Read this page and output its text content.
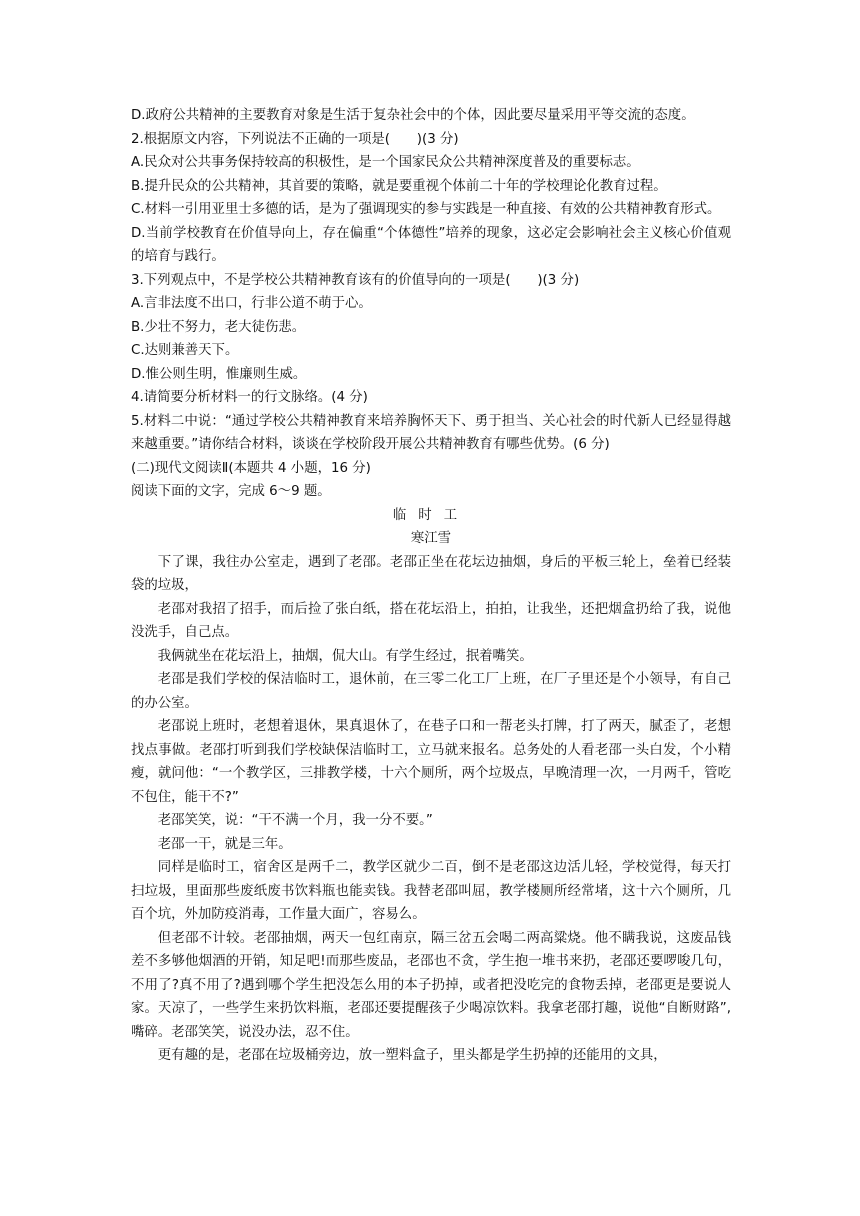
D.政府公共精神的主要教育对象是生活于复杂社会中的个体，因此要尽量采用平等交流的态度。

2.根据原文内容，下列说法不正确的一项是(　　)(3 分)

A.民众对公共事务保持较高的积极性，是一个国家民众公共精神深度普及的重要标志。

B.提升民众的公共精神，其首要的策略，就是要重视个体前二十年的学校理论化教育过程。

C.材料一引用亚里士多德的话，是为了强调现实的参与实践是一种直接、有效的公共精神教育形式。

D.当前学校教育在价值导向上，存在偏重“个体德性”培养的现象，这必定会影响社会主义核心价值观的培育与践行。

3.下列观点中，不是学校公共精神教育该有的价值导向的一项是(　　)(3 分)

A.言非法度不出口，行非公道不萌于心。

B.少壮不努力，老大徒伤悲。

C.达则兼善天下。

D.惟公则生明，惟廉则生威。

4.请简要分析材料一的行文脉络。(4 分)

5.材料二中说：“通过学校公共精神教育来培养胸怀天下、勇于担当、关心社会的时代新人已经显得越来越重要。”请你结合材料，谈谈在学校阶段开展公共精神教育有哪些优势。(6 分)

(二)现代文阅读Ⅱ(本题共 4 小题，16 分)

阅读下面的文字，完成 6～9 题。

临时工

寒江雪

下了课，我往办公室走，遇到了老邵。老邵正坐在花坛边抽烟，身后的平板三轮上，垒着已经装袋的垃圾，

老邵对我招了招手，而后捡了张白纸，搭在花坛沿上，拍拍，让我坐，还把烟盒扔给了我，说他没洗手，自己点。

我俩就坐在花坛沿上，抽烟，侃大山。有学生经过，抿着嘴笑。

老邵是我们学校的保洁临时工，退休前，在三零二化工厂上班，在厂子里还是个小领导，有自己的办公室。

老邵说上班时，老想着退休，果真退休了，在巷子口和一帮老头打牌，打了两天，腻歪了，老想找点事做。老邵打听到我们学校缺保洁临时工，立马就来报名。总务处的人看老邵一头白发，个小精瘦，就问他：“一个教学区，三排教学楼，十六个厕所，两个垃圾点，早晚清理一次，一月两千，管吃不包住，能干不?”

老邵笑笑，说：“干不满一个月，我一分不要。”

老邵一干，就是三年。

同样是临时工，宿舍区是两千二，教学区就少二百，倒不是老邵这边活儿轻，学校觉得，每天打扫垃圾，里面那些废纸废书饮料瓶也能卖钱。我替老邵叫屈，教学楼厕所经常堵，这十六个厕所，几百个坑，外加防疫消毒，工作量大面广，容易么。

但老邵不计较。老邵抽烟，两天一包红南京，隔三岔五会喝二两高粱烧。他不瞒我说，这废品钱差不多够他烟酒的开销，知足吧!而那些废品，老邵也不贪，学生抱一堆书来扔，老邵还要啰唆几句，不用了?真不用了?遇到哪个学生把没怎么用的本子扔掉，或者把没吃完的食物丢掉，老邵更是要说人家。天凉了，一些学生来扔饮料瓶，老邵还要提醒孩子少喝凉饮料。我拿老邵打趣，说他“自断财路”,嘴碎。老邵笑笑，说没办法，忍不住。

更有趣的是，老邵在垃圾桶旁边，放一塑料盒子，里头都是学生扔掉的还能用的文具，
